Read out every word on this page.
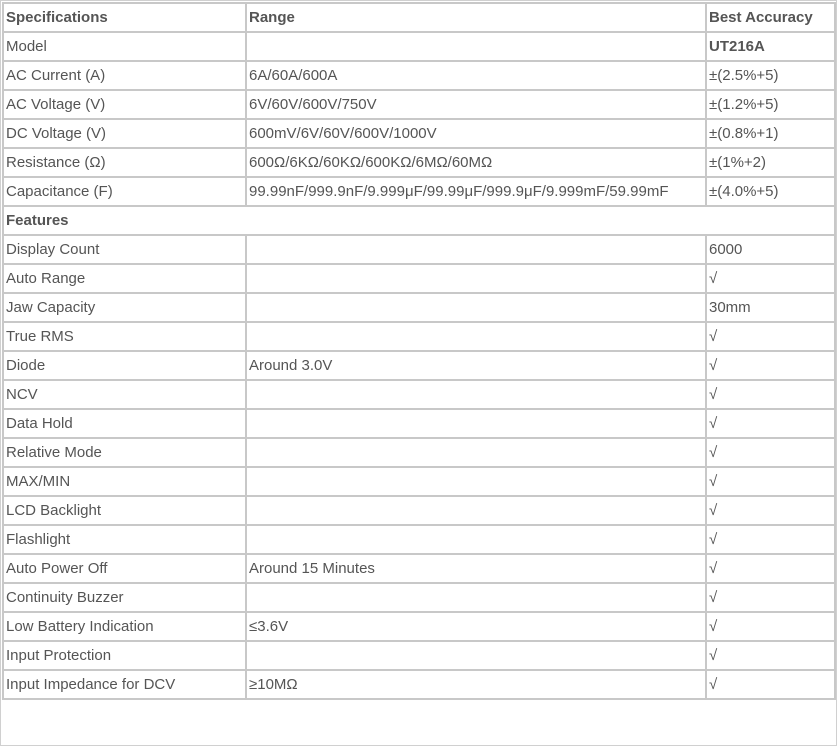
Specifications	Range	Best Accuracy
Model		UT216A
AC Current (A)	6A/60A/600A	±(2.5%+5)
AC Voltage (V)	6V/60V/600V/750V	±(1.2%+5)
DC Voltage (V)	600mV/6V/60V/600V/1000V	±(0.8%+1)
Resistance (Ω)	600Ω/6KΩ/60KΩ/600KΩ/6MΩ/60MΩ	±(1%+2)
Capacitance (F)	99.99nF/999.9nF/9.999μF/99.99μF/999.9μF/9.999mF/59.99mF	±(4.0%+5)
Features		
Display Count		6000
Auto Range		√
Jaw Capacity		30mm
True RMS		√
Diode	Around 3.0V	√
NCV		√
Data Hold		√
Relative Mode		√
MAX/MIN		√
LCD Backlight		√
Flashlight		√
Auto Power Off	Around 15 Minutes	√
Continuity Buzzer		√
Low Battery Indication	≤3.6V	√
Input Protection		√
Input Impedance for DCV	≥10MΩ	√
